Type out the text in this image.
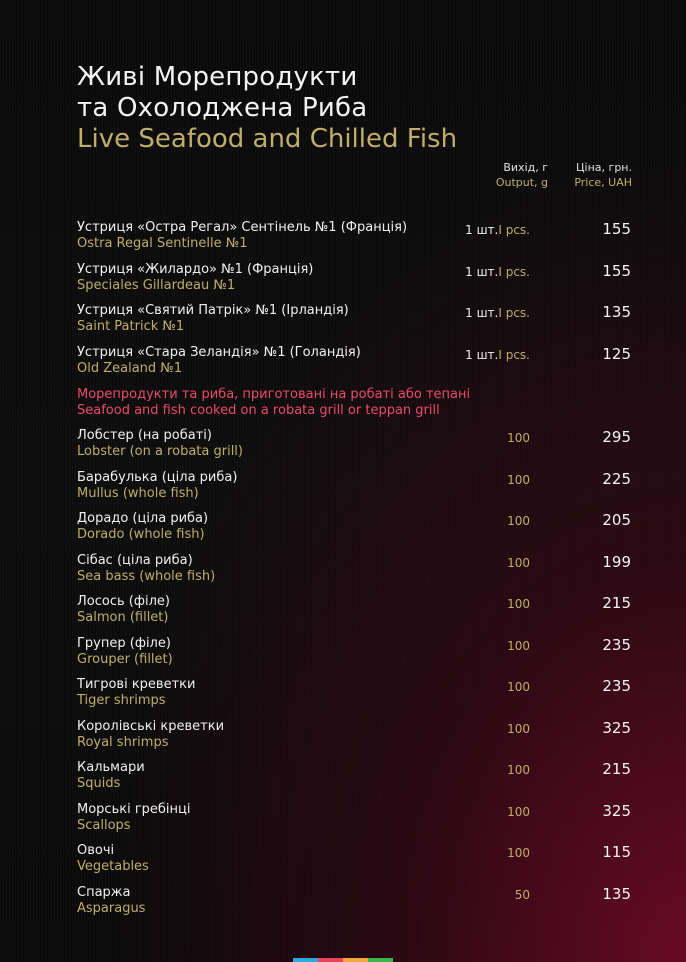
Живі Морепродукти
та Охолоджена Риба
Live Seafood and Chilled Fish
Вихід, г
Output, g
Ціна, грн.
Price, UAH
Устриця «Остра Регал» Сентінель №1 (Франція)
Ostra Regal Sentinelle №1
1 шт.I pcs.	155
Устриця «Жилардо» №1 (Франція)
Speciales Gillardeau №1
1 шт.I pcs.	155
Устриця «Святий Патрік» №1 (Ірландія)
Saint Patrick №1
1 шт.I pcs.	135
Устриця «Стара Зеландія» №1 (Голандія)
Old Zealand №1
1 шт.I pcs.	125
Морепродукти та риба, приготовані на робаті або тепані
Seafood and fish cooked on a robata grill or teppan grill
Лобстер (на робаті)
Lobster (on a robata grill)
100	295
Барабулька (ціла риба)
Mullus (whole fish)
100	225
Дорадо (ціла риба)
Dorado (whole fish)
100	205
Сібас (ціла риба)
Sea bass (whole fish)
100	199
Лосось (філе)
Salmon (fillet)
100	215
Групер (філе)
Grouper (fillet)
100	235
Тигрові креветки
Tiger shrimps
100	235
Королівські креветки
Royal shrimps
100	325
Кальмари
Squids
100	215
Морські гребінці
Scallops
100	325
Овочі
Vegetables
100	115
Спаржа
Asparagus
50	135
